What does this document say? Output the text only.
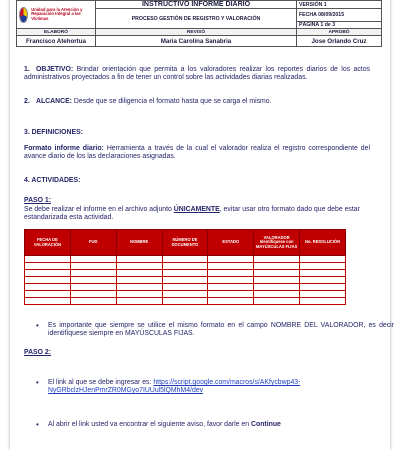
Unidad para la Atención y Reparación Integral a las Víctimas	INSTRUCTIVO INFORME DIARIO	VERSIÓN 1
	PROCESO GESTIÓN DE REGISTRO Y VALORACIÓN	FECHA 08/09/2015
		PÁGINA 1 de 3
ELABORÓ	REVISÓ	APROBÓ
Francisco Atehortua	Maria Carolina Sanabria	Jose Orlando Cruz

1. OBJETIVO: Brindar orientación que permita a los valoradores realizar los reportes diarios de los actos administrativos proyectados a fin de tener un control sobre las actividades diarias realizadas.

2. ALCANCE: Desde que se diligencia el formato hasta que se carga el mismo.

3. DEFINICIONES:

Formato informe diario: Herramienta a través de la cual el valorador realiza el registro correspondiente del avance diario de los las declaraciones asignadas.

4. ACTIVIDADES:
PASO 1:

Se debe realizar el informe en el archivo adjunto ÚNICAMENTE, evitar usar otro formato dado que debe estar estandarizada esta actividad.

FECHA DE VALORACIÓN	FUD	NOMBRE	NÚMERO DE DOCUMENTO	ESTADO	VALORADOR Identifíquese con MAYÚSCULAS FIJAS	No. RESOLUCIÓN

• Es importante que siempre se utilice el mismo formato en el campo NOMBRE DEL VALORADOR, es decir identifíquese siempre en MAYÚSCULAS FIJAS.
PASO 2:
• El link al que se debe ingresar es: https://script.google.com/macros/s/AKfycbwp43-NyGRbclzHJenPmrZR0MGyo7IUUul5lQMhM4/dev
• Al abrir el link usted va encontrar el siguiente aviso, favor darle en Continue
